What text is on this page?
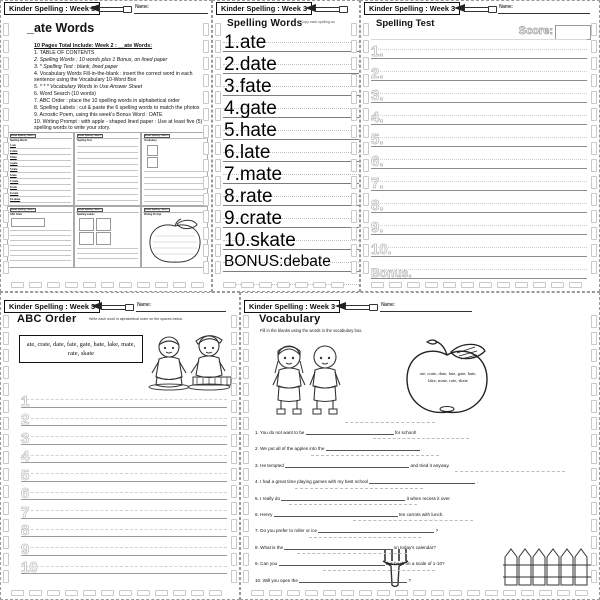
Kinder Spelling : Week 3	Name:
_ate Words
10 Pages Total Include: Week 2 : __ate Words:
1. TABLE OF CONTENTS
2. Spelling Words ; 10 words plus 1 Bonus, on lined paper
3. * Spelling Test : blank, lined paper
4. Vocabulary Words Fill-in-the-blank : insert the correct word in each sentence using the Vocabulary 10-Word Box
5. * * * Vocabulary Words in Use Answer Sheet
6. Word Search (10 words)
7. ABC Order : place the 10 spelling words in alphabetical order
8. Spelling Labels : cut & paste the 6 spelling words to match the photos
9. Acrostic Poem, using this week's Bonus Word : DATE
10. Writing Prompt : with apple - shaped lined paper : Use at least five (5) spelling words to write your story.
Kinder Spelling : Week 3
Spelling Words
1.ate
2.date
3.fate
4.gate
5.hate
6.late
7.mate
8.rate
9.crate
10.skate
Kinder Spelling : Week 3
Spelling Test
Kinder Spelling : Week 3
Vocabulary
Kinder Spelling : Week 3
ABC Order
Kinder Spelling : Week 3
Spelling Labels
Kinder Spelling : Week 3
Writing Prompt
Kinder Spelling : Week 3
Spelling Words
Copy each spelling wo
1.ate
2.date
3.fate
4.gate
5.hate
6.late
7.mate
8.rate
9.crate
10.skate
BONUS:debate
Kinder Spelling : Week 3	Name:
Spelling Test
Score:
1.
2.
3.
4.
5.
6.
7.
8.
9.
10.
Bonus.
Kinder Spelling : Week 3	Name:
ABC Order	Write each word in alphabetical order on the spaces below.
ate, crate, date, fate, gate, hate, lake, mate, rate, skate
1
2
3
4
5
6
7
8
9
10
Kinder Spelling : Week 3	Name:
Vocabulary
Fill in the blanks using the words in the vocabulary box.
ate, crate, date, fate, gate, hate, lake, mate, rate, skate
1. You do not want to be	for school!
2. We put all of the apples into the	.
3. He tempted	and tried it anyway.
4. I had a great time playing games with my best school	.
5. I really do	it when recess it over.
6. Henry	ten carrots with lunch.
7. Do you prefer to roller or ice	?
8. What is the	on today's calendar?
9. Can you	this book on a scale of 1-10?
10. Will you open the	?
